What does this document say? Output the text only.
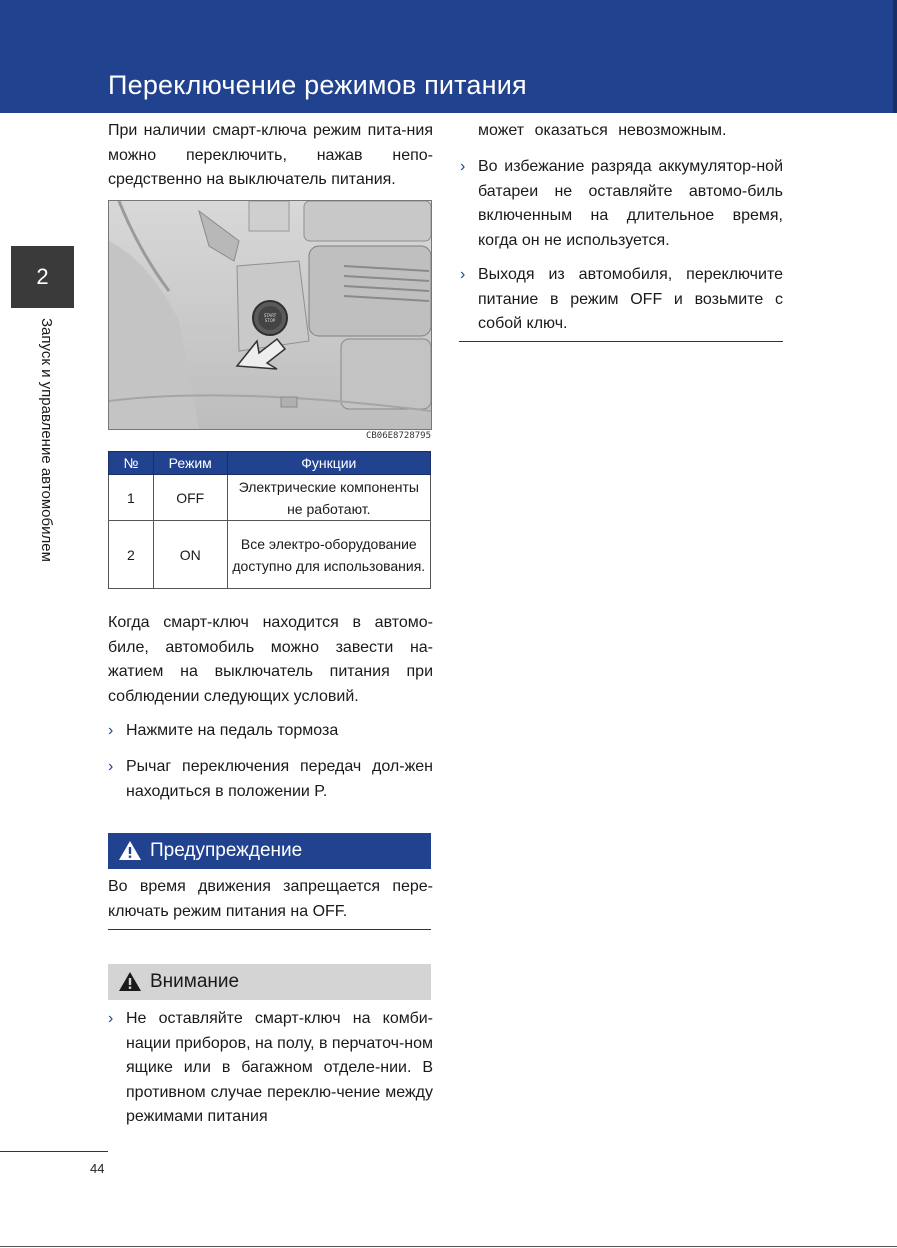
Переключение режимов питания
2
Запуск и управление автомобилем

При наличии смарт-ключа режим пита-ния можно переключить, нажав непо-средственно на выключатель питания.

START
STOP
CB06E8728795
№	Режим	Функции
1	OFF	Электрические компоненты не работают.
2	ON	Все электро-оборудование доступно для использования.

Когда смарт-ключ находится в автомо-биле, автомобиль можно завести на-жатием на выключатель питания при соблюдении следующих условий.

› Нажмите на педаль тормоза
› Рычаг переключения передач дол-жен находиться в положении P.
Предупреждение

Во время движения запрещается пере-ключать режим питания на OFF.

Внимание
› Не оставляйте смарт-ключ на комби-нации приборов, на полу, в перчаточ-ном ящике или в багажном отделе-нии. В противном случае переклю-чение между режимами питания
может оказаться невозможным.
› Во избежание разряда аккумулятор-ной батареи не оставляйте автомо-биль включенным на длительное время, когда он не используется.
› Выходя из автомобиля, переключите питание в режим OFF и возьмите с собой ключ.
44
